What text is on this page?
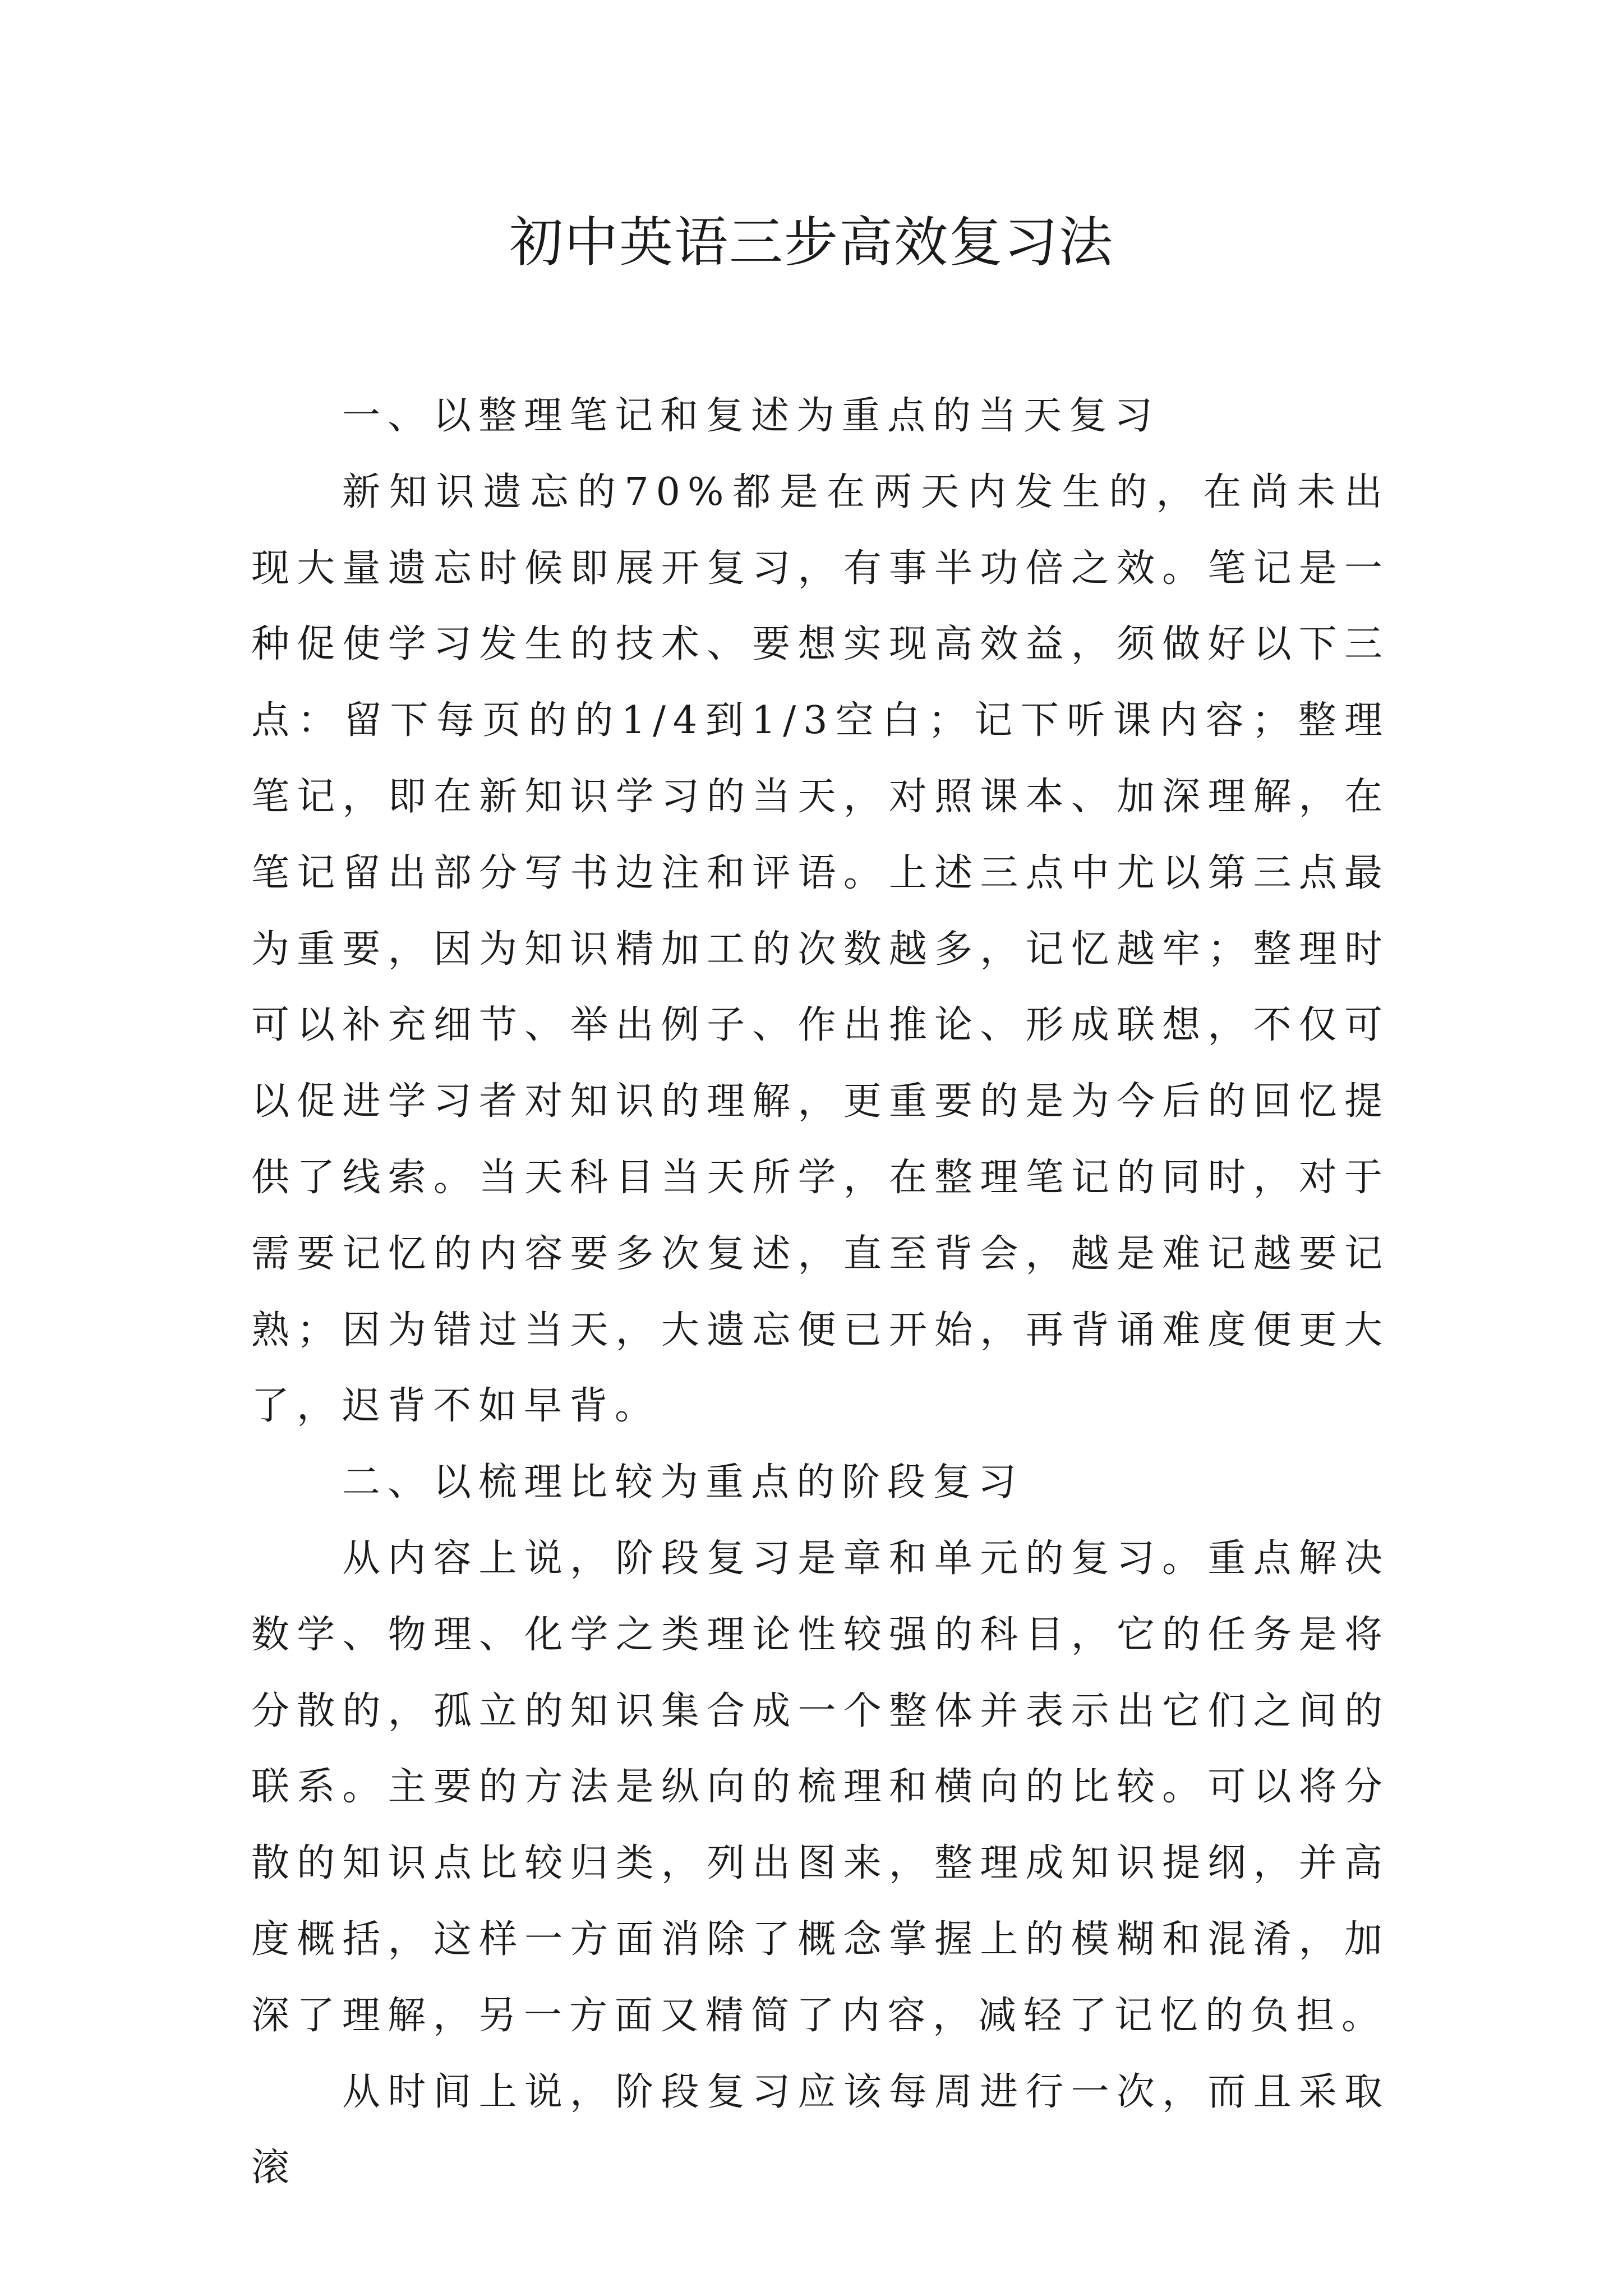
初中英语三步高效复习法

一、以整理笔记和复述为重点的当天复习

新知识遗忘的70%都是在两天内发生的，在尚未出现大量遗忘时候即展开复习，有事半功倍之效。笔记是一种促使学习发生的技术、要想实现高效益，须做好以下三点：留下每页的的1/4到1/3空白；记下听课内容；整理笔记，即在新知识学习的当天，对照课本、加深理解，在笔记留出部分写书边注和评语。上述三点中尤以第三点最为重要，因为知识精加工的次数越多，记忆越牢；整理时可以补充细节、举出例子、作出推论、形成联想，不仅可以促进学习者对知识的理解，更重要的是为今后的回忆提供了线索。当天科目当天所学，在整理笔记的同时，对于需要记忆的内容要多次复述，直至背会，越是难记越要记熟；因为错过当天，大遗忘便已开始，再背诵难度便更大了，迟背不如早背。

二、以梳理比较为重点的阶段复习

从内容上说，阶段复习是章和单元的复习。重点解决数学、物理、化学之类理论性较强的科目，它的任务是将分散的，孤立的知识集合成一个整体并表示出它们之间的联系。主要的方法是纵向的梳理和横向的比较。可以将分散的知识点比较归类，列出图来，整理成知识提纲，并高度概括，这样一方面消除了概念掌握上的模糊和混淆，加深了理解，另一方面又精简了内容，减轻了记忆的负担。

从时间上说，阶段复习应该每周进行一次，而且采取滚
